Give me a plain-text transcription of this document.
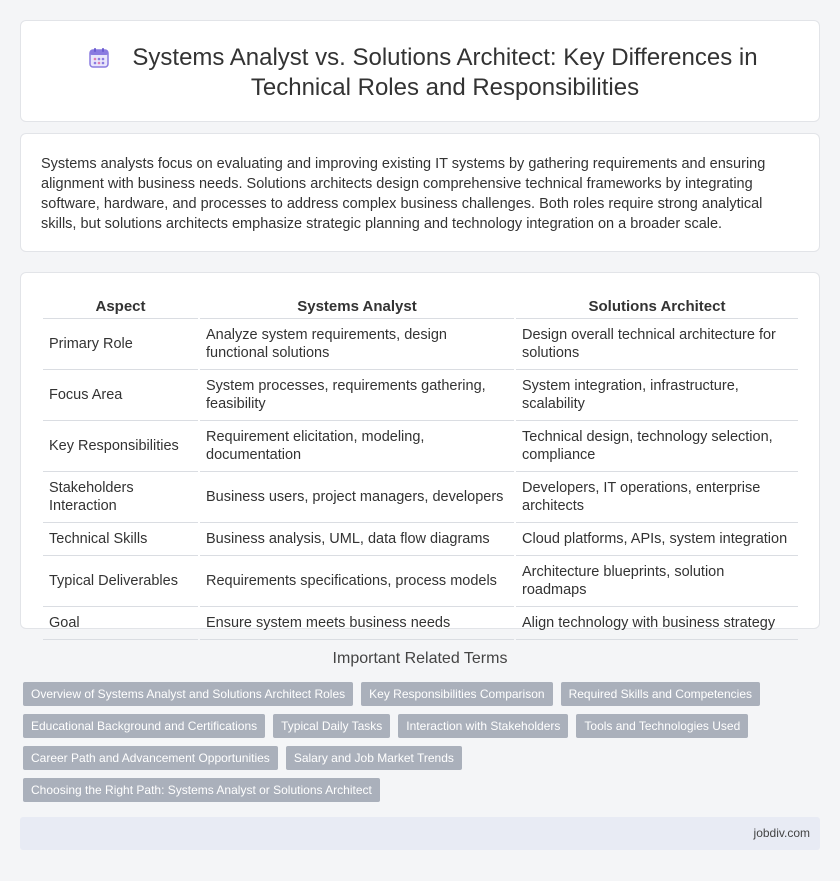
Systems Analyst vs. Solutions Architect: Key Differences in Technical Roles and Responsibilities

Systems analysts focus on evaluating and improving existing IT systems by gathering requirements and ensuring alignment with business needs. Solutions architects design comprehensive technical frameworks by integrating software, hardware, and processes to address complex business challenges. Both roles require strong analytical skills, but solutions architects emphasize strategic planning and technology integration on a broader scale.

Aspect	Systems Analyst	Solutions Architect
Primary Role	Analyze system requirements, design functional solutions	Design overall technical architecture for solutions
Focus Area	System processes, requirements gathering, feasibility	System integration, infrastructure, scalability
Key Responsibilities	Requirement elicitation, modeling, documentation	Technical design, technology selection, compliance
Stakeholders Interaction	Business users, project managers, developers	Developers, IT operations, enterprise architects
Technical Skills	Business analysis, UML, data flow diagrams	Cloud platforms, APIs, system integration
Typical Deliverables	Requirements specifications, process models	Architecture blueprints, solution roadmaps
Goal	Ensure system meets business needs	Align technology with business strategy
Important Related Terms
Overview of Systems Analyst and Solutions Architect Roles	Key Responsibilities Comparison	Required Skills and Competencies
Educational Background and Certifications	Typical Daily Tasks	Interaction with Stakeholders	Tools and Technologies Used
Career Path and Advancement Opportunities	Salary and Job Market Trends
Choosing the Right Path: Systems Analyst or Solutions Architect
jobdiv.com
